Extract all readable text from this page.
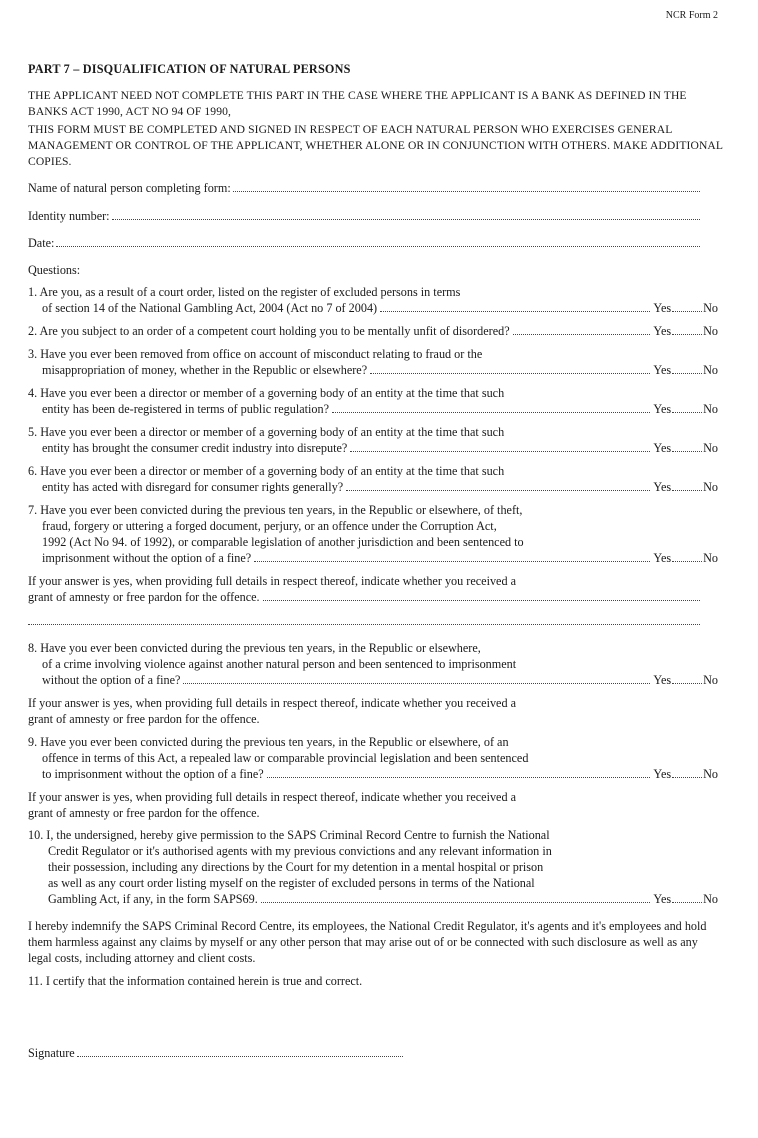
NCR Form 2
PART 7 – DISQUALIFICATION OF NATURAL PERSONS
THE APPLICANT NEED NOT COMPLETE THIS PART IN THE CASE WHERE THE APPLICANT IS A BANK AS DEFINED IN THE BANKS ACT 1990, ACT NO 94 OF 1990,
THIS FORM MUST BE COMPLETED AND SIGNED IN RESPECT OF EACH NATURAL PERSON WHO EXERCISES GENERAL MANAGEMENT OR CONTROL OF THE APPLICANT, WHETHER ALONE OR IN CONJUNCTION WITH OTHERS. MAKE ADDITIONAL COPIES.
Name of natural person completing form:
Identity number:
Date:
Questions:
1. Are you, as a result of a court order, listed on the register of excluded persons in terms
of section 14 of the National Gambling Act, 2004 (Act no 7 of 2004)	Yes	No
2. Are you subject to an order of a competent court holding you to be mentally unfit of disordered?	Yes	No
3. Have you ever been removed from office on account of misconduct relating to fraud or the
misappropriation of money, whether in the Republic or elsewhere?	Yes	No
4. Have you ever been a director or member of a governing body of an entity at the time that such
entity has been de-registered in terms of public regulation?	Yes	No
5. Have you ever been a director or member of a governing body of an entity at the time that such
entity has brought the consumer credit industry into disrepute?	Yes	No
6. Have you ever been a director or member of a governing body of an entity at the time that such
entity has acted with disregard for consumer rights generally?	Yes	No
7. Have you ever been convicted during the previous ten years, in the Republic or elsewhere, of theft,
fraud, forgery or uttering a forged document, perjury, or an offence under the Corruption Act,
1992 (Act No 94. of 1992), or comparable legislation of another jurisdiction and been sentenced to
imprisonment without the option of a fine?	Yes	No
If your answer is yes, when providing full details in respect thereof, indicate whether you received a
grant of amnesty or free pardon for the offence.
8. Have you ever been convicted during the previous ten years, in the Republic or elsewhere,
of a crime involving violence against another natural person and been sentenced to imprisonment
without the option of a fine?	Yes	No
If your answer is yes, when providing full details in respect thereof, indicate whether you received a
grant of amnesty or free pardon for the offence.
9. Have you ever been convicted during the previous ten years, in the Republic or elsewhere, of an
offence in terms of this Act, a repealed law or comparable provincial legislation and been sentenced
to imprisonment without the option of a fine?	Yes	No
If your answer is yes, when providing full details in respect thereof, indicate whether you received a
grant of amnesty or free pardon for the offence.
10. I, the undersigned, hereby give permission to the SAPS Criminal Record Centre to furnish the National
Credit Regulator or it's authorised agents with my previous convictions and any relevant information in
their possession, including any directions by the Court for my detention in a mental hospital or prison
as well as any court order listing myself on the register of excluded persons in terms of the National
Gambling Act, if any, in the form SAPS69.	Yes	No
I hereby indemnify the SAPS Criminal Record Centre, its employees, the National Credit Regulator, it's agents and it's employees and hold them harmless against any claims by myself or any other person that may arise out of or be connected with such disclosure as well as any legal costs, including attorney and client costs.
11. I certify that the information contained herein is true and correct.
Signature
